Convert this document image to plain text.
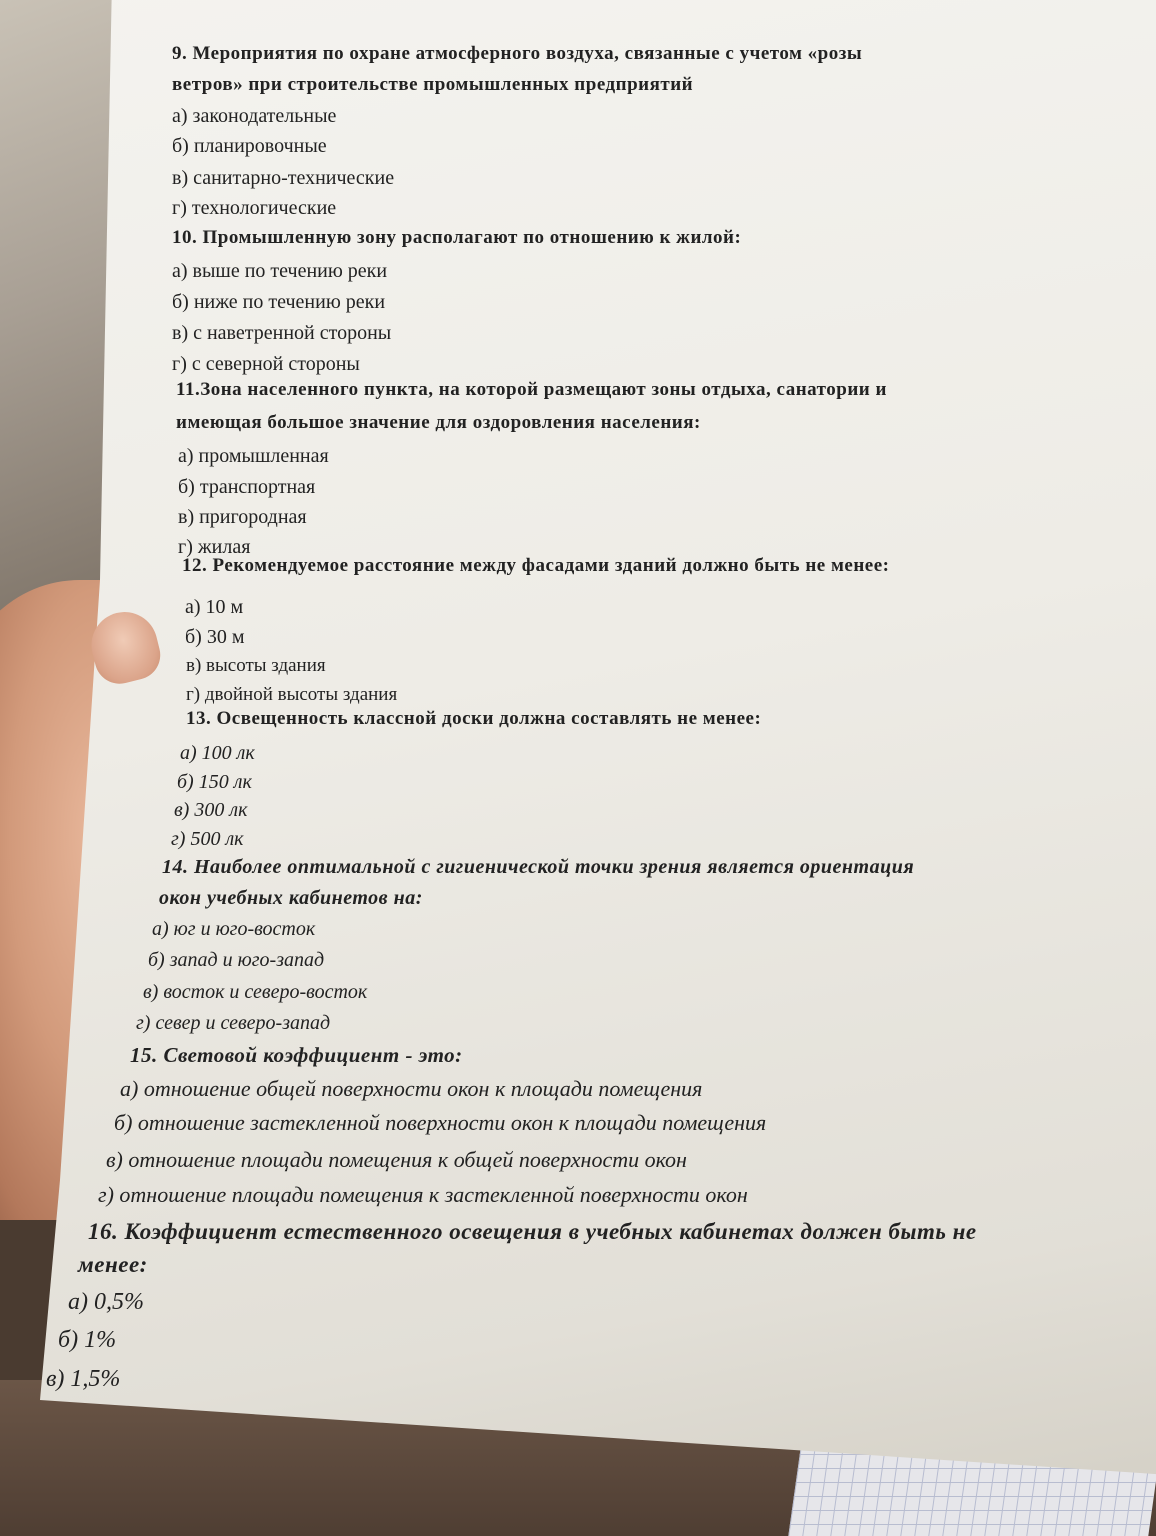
9. Мероприятия по охране атмосферного воздуха, связанные с учетом «розы
ветров» при строительстве промышленных предприятий
а) законодательные
б) планировочные
в) санитарно-технические
г) технологические
10. Промышленную зону располагают по отношению к жилой:
а) выше по течению реки
б) ниже по течению реки
в) с наветренной стороны
г) с северной стороны
11.Зона населенного пункта, на которой размещают зоны отдыха, санатории и
имеющая большое значение для оздоровления населения:
а) промышленная
б) транспортная
в) пригородная
г) жилая
12. Рекомендуемое расстояние между фасадами зданий должно быть не менее:
а) 10 м
б) 30 м
в) высоты здания
г) двойной высоты здания
13. Освещенность классной доски должна составлять не менее:
а) 100 лк
б) 150 лк
в) 300 лк
г) 500 лк
14. Наиболее оптимальной с гигиенической точки зрения является ориентация
окон учебных кабинетов на:
а) юг и юго-восток
б) запад и юго-запад
в) восток и северо-восток
г) север и северо-запад
15. Световой коэффициент - это:
а) отношение общей поверхности окон к площади помещения
б) отношение застекленной поверхности окон к площади помещения
в) отношение площади помещения к общей поверхности окон
г) отношение площади помещения к застекленной поверхности окон
16. Коэффициент естественного освещения в учебных кабинетах должен быть не
менее:
а) 0,5%
б) 1%
в) 1,5%
